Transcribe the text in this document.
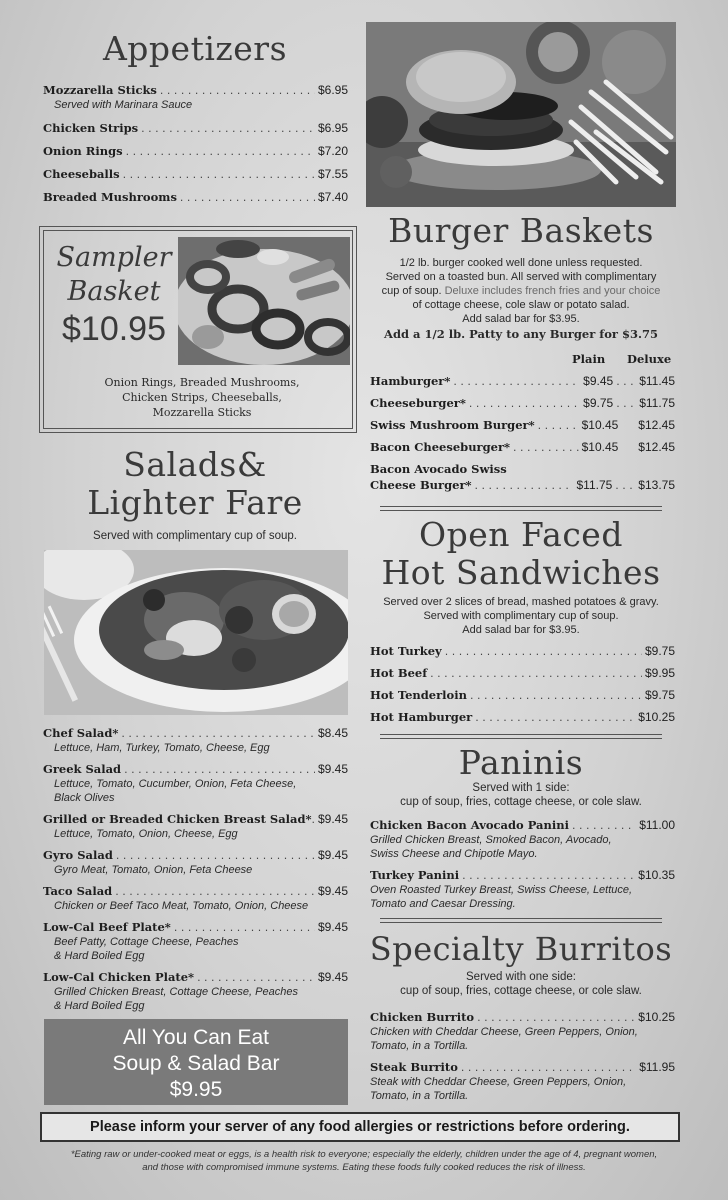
Appetizers
Mozzarella Sticks . . .	$6.95
Served with Marinara Sauce
Chicken Strips . . .	$6.95
Onion Rings . . .	$7.20
Cheeseballs . . .	$7.55
Breaded Mushrooms . . .	$7.40
Sampler
Basket
$10.95
Onion Rings, Breaded Mushrooms,
Chicken Strips, Cheeseballs,
Mozzarella Sticks
Salads&
Lighter Fare
Served with complimentary cup of soup.
Chef Salad* . . .	$8.45
Lettuce, Ham, Turkey, Tomato, Cheese, Egg
Greek Salad . . .	$9.45
Lettuce, Tomato, Cucumber, Onion, Feta Cheese,
Black Olives
Grilled or Breaded Chicken Breast Salad* . . . $9.45
Lettuce, Tomato, Onion, Cheese, Egg
Gyro Salad . . .	$9.45
Gyro Meat, Tomato, Onion, Feta Cheese
Taco Salad . . .	$9.45
Chicken or Beef Taco Meat, Tomato, Onion, Cheese
Low-Cal Beef Plate* . . .	$9.45
Beef Patty, Cottage Cheese, Peaches
& Hard Boiled Egg
Low-Cal Chicken Plate* . . .	$9.45
Grilled Chicken Breast, Cottage Cheese, Peaches
& Hard Boiled Egg
All You Can Eat
Soup & Salad Bar
$9.95
Burger Baskets
1/2 lb. burger cooked well done unless requested.
Served on a toasted bun. All served with complimentary
cup of soup. Deluxe includes french fries and your choice
of cottage cheese, cole slaw or potato salad.
Add salad bar for $3.95.
Add a 1/2 lb. Patty to any Burger for $3.75
Plain Deluxe
Hamburger* . . .	$9.45 . . . $11.45
Cheeseburger* . . .	$9.75 . . . $11.75
Swiss Mushroom Burger* . . .	$10.45 $12.45
Bacon Cheeseburger* . . .	$10.45 $12.45
Bacon Avocado Swiss
Cheese Burger* . . .	$11.75 . . . $13.75
Open Faced
Hot Sandwiches
Served over 2 slices of bread, mashed potatoes & gravy.
Served with complimentary cup of soup.
Add salad bar for $3.95.
Hot Turkey . . .	$9.75
Hot Beef . . .	$9.95
Hot Tenderloin . . .	$9.75
Hot Hamburger . . .	$10.25
Paninis
Served with 1 side:
cup of soup, fries, cottage cheese, or cole slaw.
Chicken Bacon Avocado Panini . . .	$11.00
Grilled Chicken Breast, Smoked Bacon, Avocado,
Swiss Cheese and Chipotle Mayo.
Turkey Panini . . .	$10.35
Oven Roasted Turkey Breast, Swiss Cheese, Lettuce,
Tomato and Caesar Dressing.
Specialty Burritos
Served with one side:
cup of soup, fries, cottage cheese, or cole slaw.
Chicken Burrito . . .	$10.25
Chicken with Cheddar Cheese, Green Peppers, Onion,
Tomato, in a Tortilla.
Steak Burrito . . .	$11.95
Steak with Cheddar Cheese, Green Peppers, Onion,
Tomato, in a Tortilla.
Please inform your server of any food allergies or restrictions before ordering.
*Eating raw or under-cooked meat or eggs, is a health risk to everyone; especially the elderly, children under the age of 4, pregnant women,
and those with compromised immune systems. Eating these foods fully cooked reduces the risk of illness.
